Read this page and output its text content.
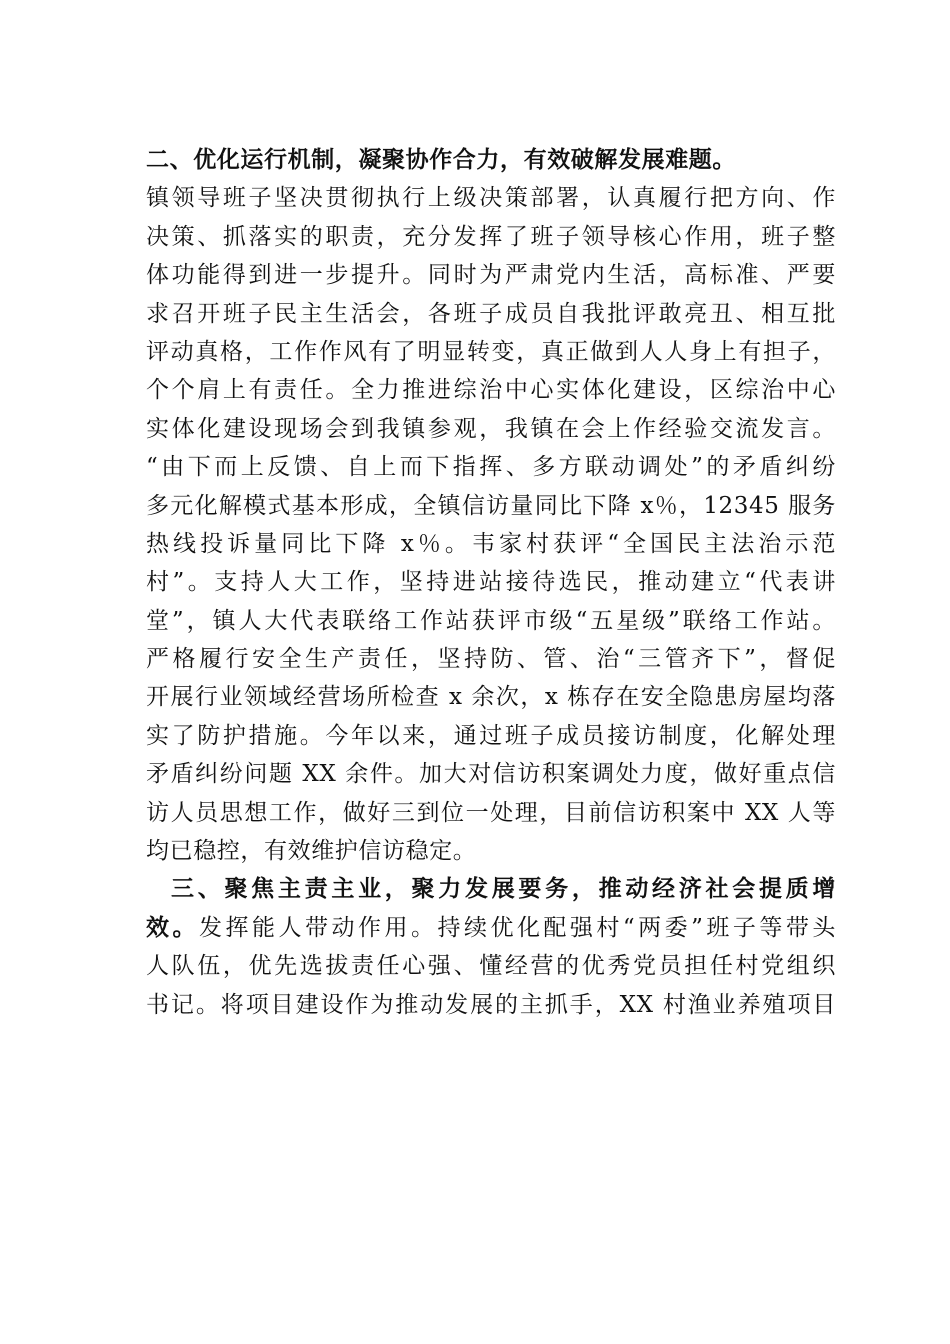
二、优化运行机制，凝聚协作合力，有效破解发展难题。
镇领导班子坚决贯彻执行上级决策部署，认真履行把方向、作
决策、抓落实的职责，充分发挥了班子领导核心作用，班子整
体功能得到进一步提升。同时为严肃党内生活，高标准、严要
求召开班子民主生活会，各班子成员自我批评敢亮丑、相互批
评动真格，工作作风有了明显转变，真正做到人人身上有担子，
个个肩上有责任。全力推进综治中心实体化建设，区综治中心
实体化建设现场会到我镇参观，我镇在会上作经验交流发言。
“由下而上反馈、自上而下指挥、多方联动调处”的矛盾纠纷
多元化解模式基本形成，全镇信访量同比下降 x％，12345 服务
热线投诉量同比下降 x％。韦家村获评“全国民主法治示范
村”。支持人大工作，坚持进站接待选民，推动建立“代表讲
堂”，镇人大代表联络工作站获评市级“五星级”联络工作站。
严格履行安全生产责任，坚持防、管、治“三管齐下”，督促
开展行业领域经营场所检查 x 余次，x 栋存在安全隐患房屋均落
实了防护措施。今年以来，通过班子成员接访制度，化解处理
矛盾纠纷问题 XX 余件。加大对信访积案调处力度，做好重点信
访人员思想工作，做好三到位一处理，目前信访积案中 XX 人等
均已稳控，有效维护信访稳定。
三、聚焦主责主业，聚力发展要务，推动经济社会提质增
效。发挥能人带动作用。持续优化配强村“两委”班子等带头
人队伍，优先选拔责任心强、懂经营的优秀党员担任村党组织
书记。将项目建设作为推动发展的主抓手，XX 村渔业养殖项目
